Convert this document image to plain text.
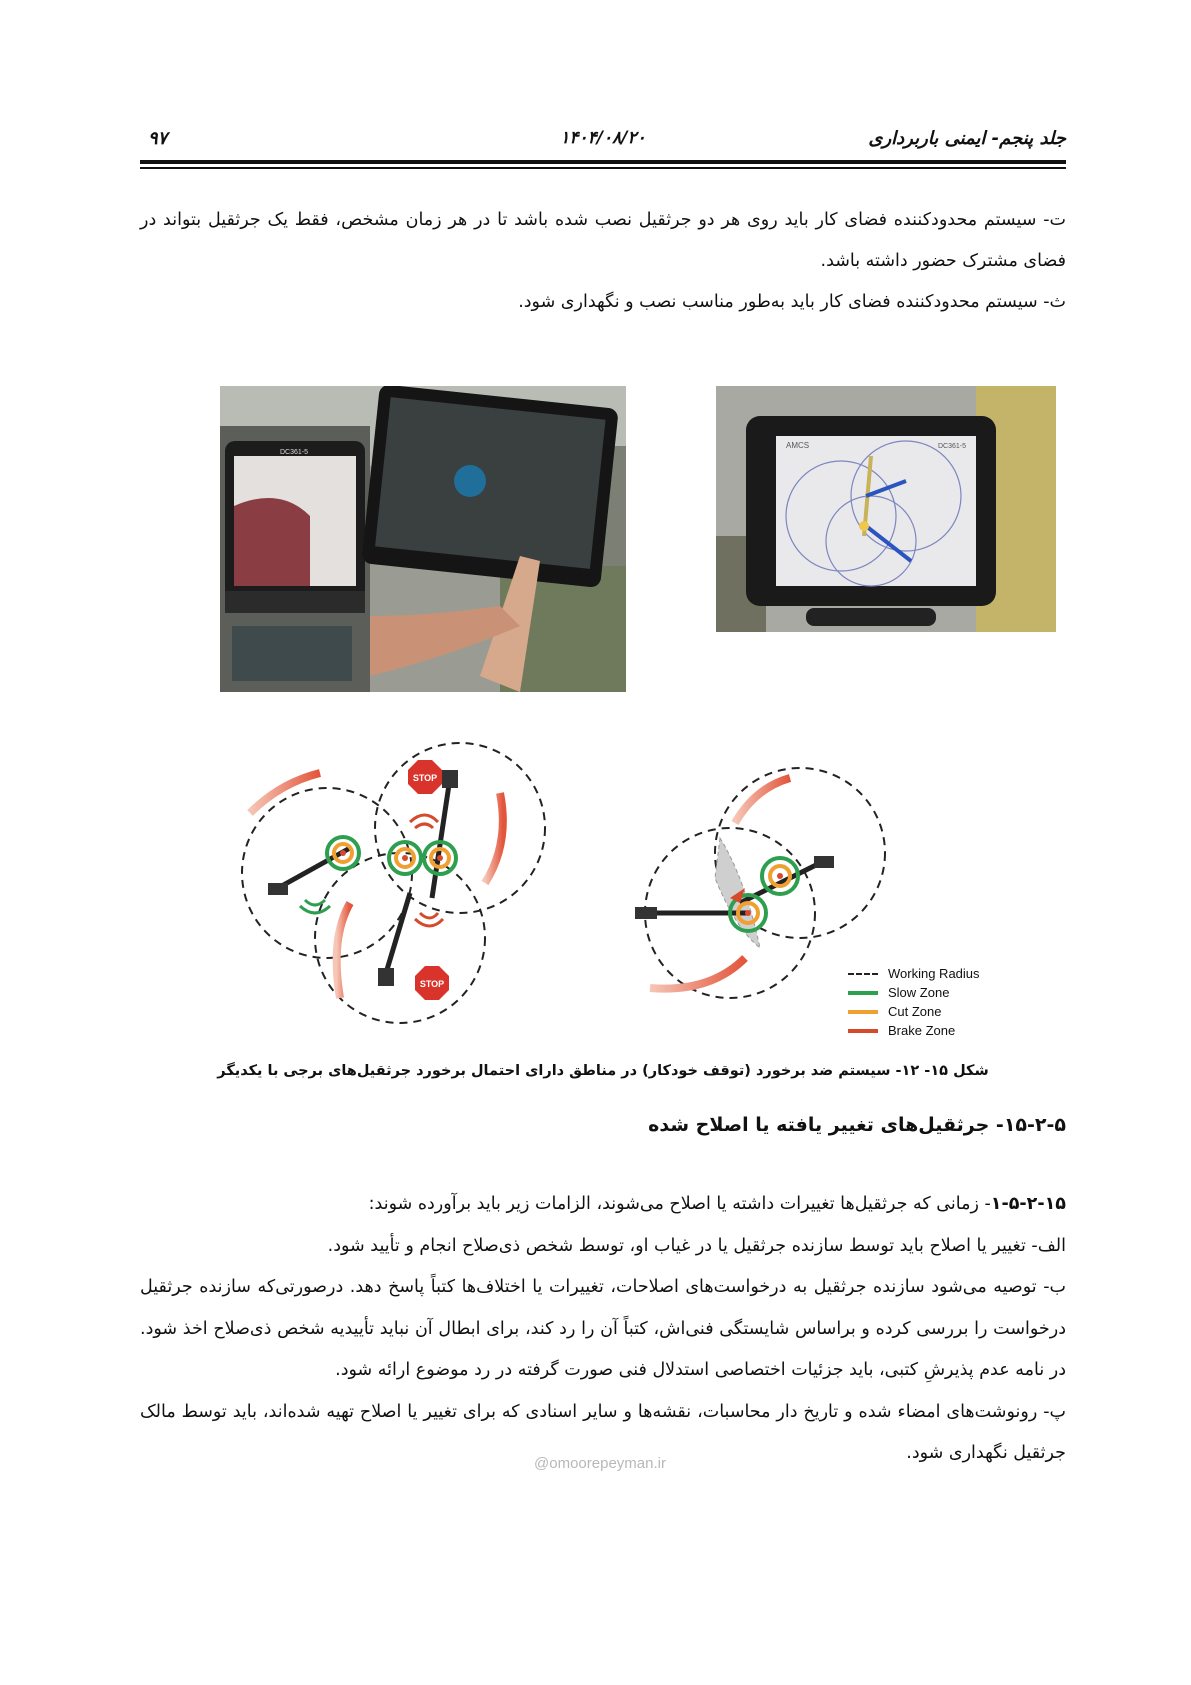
جلد پنجم- ایمنی باربرداری
۱۴۰۴/۰۸/۲۰
۹۷

ت- سیستم محدودکننده فضای کار باید روی هر دو جرثقیل نصب شده باشد تا در هر زمان مشخص، فقط یک جرثقیل بتواند در فضای مشترک حضور داشته باشد.

ث- سیستم محدودکننده فضای کار باید به‌طور مناسب نصب و نگهداری شود.

DC361-5
AMCS	DC361-5
STOP
STOP
Working Radius
Slow Zone
Cut Zone
Brake Zone
شکل ۱۵- ۱۲- سیستم ضد برخورد (توقف خودکار) در مناطق دارای احتمال برخورد جرثقیل‌های برجی با یکدیگر
۱۵-۲-۵- جرثقیل‌های تغییر یافته یا اصلاح شده

۱-۵-۲-۱۵- زمانی که جرثقیل‌ها تغییرات داشته یا اصلاح می‌شوند، الزامات زیر باید برآورده شوند:

الف- تغییر یا اصلاح باید توسط سازنده جرثقیل یا در غیاب او، توسط شخص ذی‌صلاح انجام و تأیید شود.

ب- توصیه می‌شود سازنده جرثقیل به درخواست‌های اصلاحات، تغییرات یا اختلاف‌ها کتباً پاسخ دهد. درصورتی‌که سازنده جرثقیل درخواست را بررسی کرده و براساس شایستگی فنی‌اش، کتباً آن را رد کند، برای ابطال آن نباید تأییدیه شخص ذی‌صلاح اخذ شود. در نامه عدم پذیرشِ کتبی، باید جزئیات اختصاصی استدلال فنی صورت گرفته در رد موضوع ارائه شود.

پ- رونوشت‌های امضاء شده و تاریخ دار محاسبات، نقشه‌ها و سایر اسنادی که برای تغییر یا اصلاح تهیه شده‌اند، باید توسط مالک جرثقیل نگهداری شود.

@omoorepeyman.ir
